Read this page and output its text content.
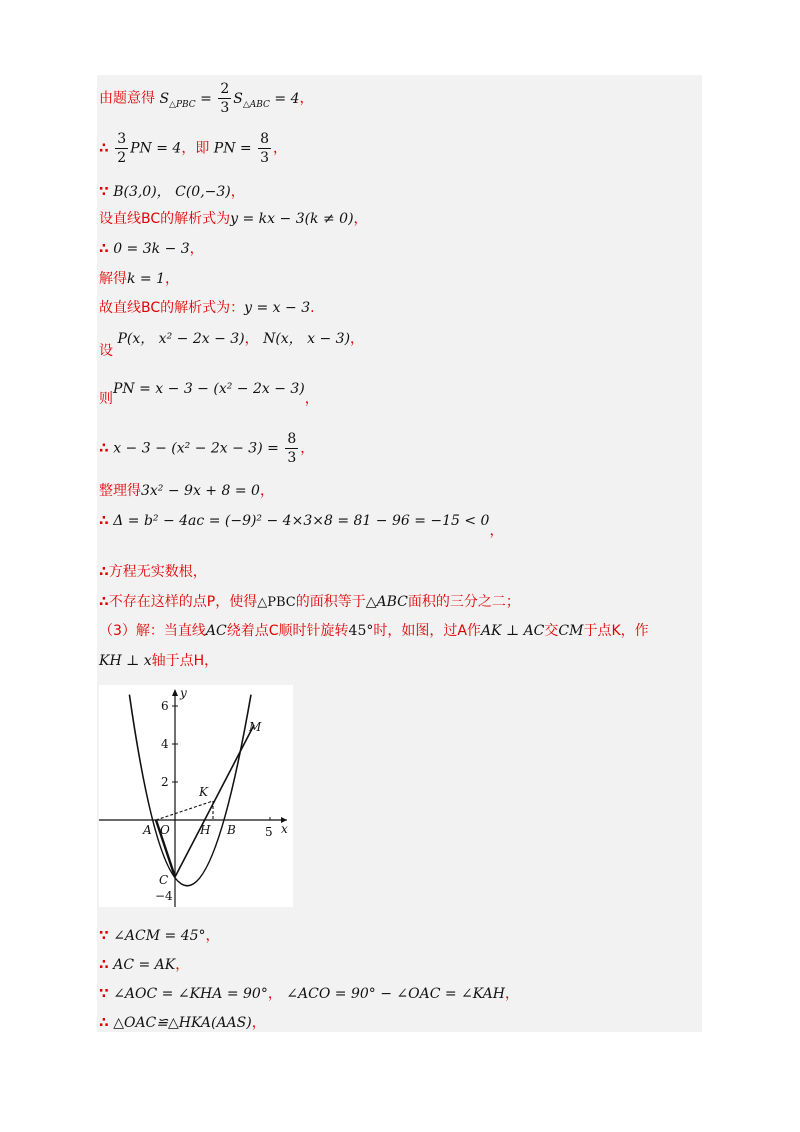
由题意得 $S_{\triangle PBC} = \frac{2}{3} S_{\triangle ABC} = 4$，
∴ $\frac{3}{2}$ PN = 4，即 PN = $\frac{8}{3}$ ，
∵ B(3,0)， C(0,−3)，
设直线BC的解析式为y = kx − 3(k ≠ 0)，
∴ 0 = 3k − 3，
解得k = 1，
故直线BC的解析式为：y = x − 3.
设 P(x， x² − 2x − 3)， N(x， x − 3)，
则PN = x − 3 − (x² − 2x − 3)，
∴ $x - 3 - (x^2 - 2x - 3) = \frac{8}{3}$ ，
整理得3x² − 9x + 8 = 0，
∴ Δ = b² − 4ac = (−9)² − 4×3×8 = 81 − 96 = −15 < 0，
∴方程无实数根，
∴不存在这样的点P，使得△PBC的面积等于△ABC面积的三分之二；
（3）解：当直线AC绕着点C顺时针旋转45°时，如图，过A作AK ⊥ AC交CM于点K，作
KH ⊥ x轴于点H，
y
x
6
4
2
−4
5
A O	H B
C
K
M
∵ ∠ACM = 45°，
∴ AC = AK，
∵ ∠AOC = ∠KHA = 90°， ∠ACO = 90° − ∠OAC = ∠KAH，
∴ △OAC≌△HKA(AAS)，
